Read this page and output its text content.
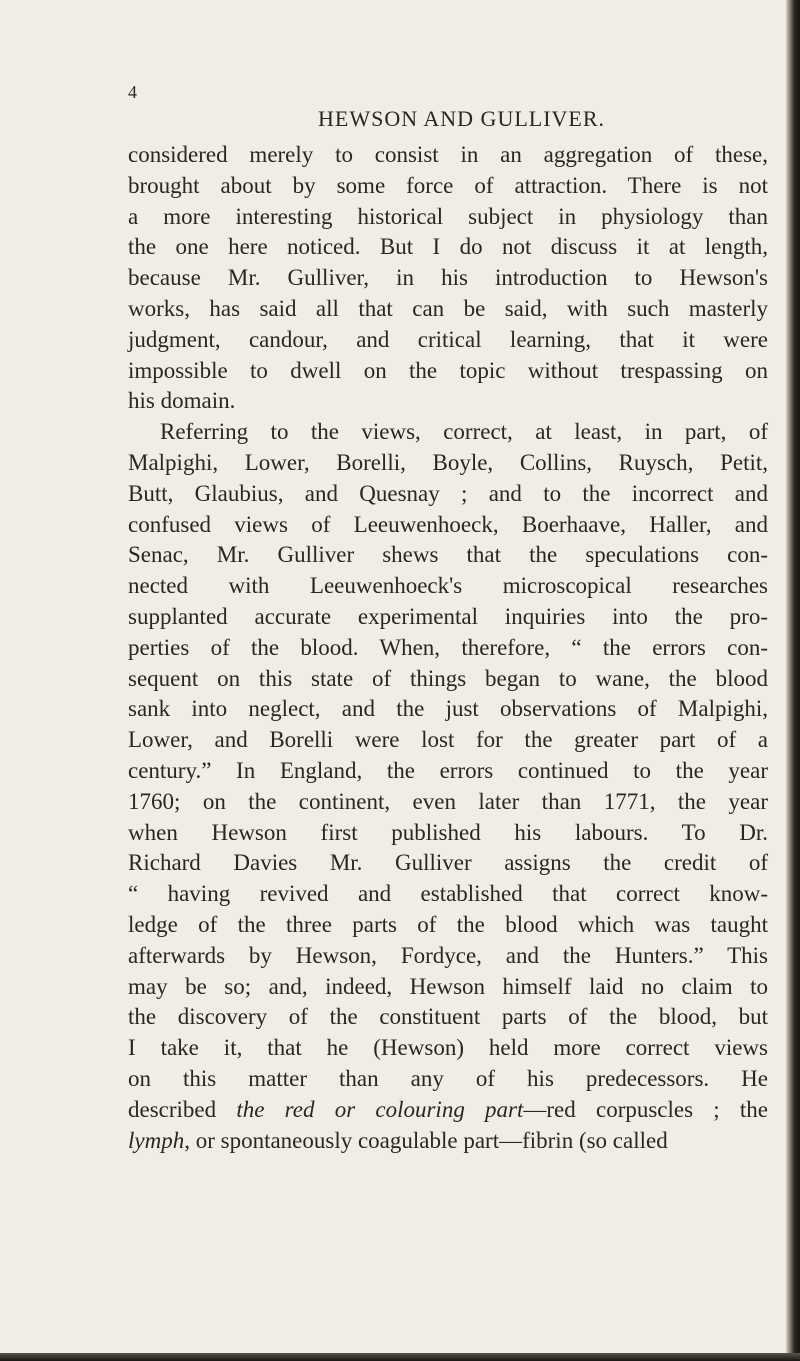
4
HEWSON AND GULLIVER.
considered merely to consist in an aggregation of these,
brought about by some force of attraction. There is not
a more interesting historical subject in physiology than
the one here noticed. But I do not discuss it at length,
because Mr. Gulliver, in his introduction to Hewson's
works, has said all that can be said, with such masterly
judgment, candour, and critical learning, that it were
impossible to dwell on the topic without trespassing on
his domain.
Referring to the views, correct, at least, in part, of
Malpighi, Lower, Borelli, Boyle, Collins, Ruysch, Petit,
Butt, Glaubius, and Quesnay ; and to the incorrect and
confused views of Leeuwenhoeck, Boerhaave, Haller, and
Senac, Mr. Gulliver shews that the speculations con-
nected with Leeuwenhoeck's microscopical researches
supplanted accurate experimental inquiries into the pro-
perties of the blood. When, therefore, “ the errors con-
sequent on this state of things began to wane, the blood
sank into neglect, and the just observations of Malpighi,
Lower, and Borelli were lost for the greater part of a
century.” In England, the errors continued to the year
1760; on the continent, even later than 1771, the year
when Hewson first published his labours. To Dr.
Richard Davies Mr. Gulliver assigns the credit of
“ having revived and established that correct know-
ledge of the three parts of the blood which was taught
afterwards by Hewson, Fordyce, and the Hunters.” This
may be so; and, indeed, Hewson himself laid no claim to
the discovery of the constituent parts of the blood, but
I take it, that he (Hewson) held more correct views
on this matter than any of his predecessors. He
described the red or colouring part—red corpuscles ; the
lymph, or spontaneously coagulable part—fibrin (so called
